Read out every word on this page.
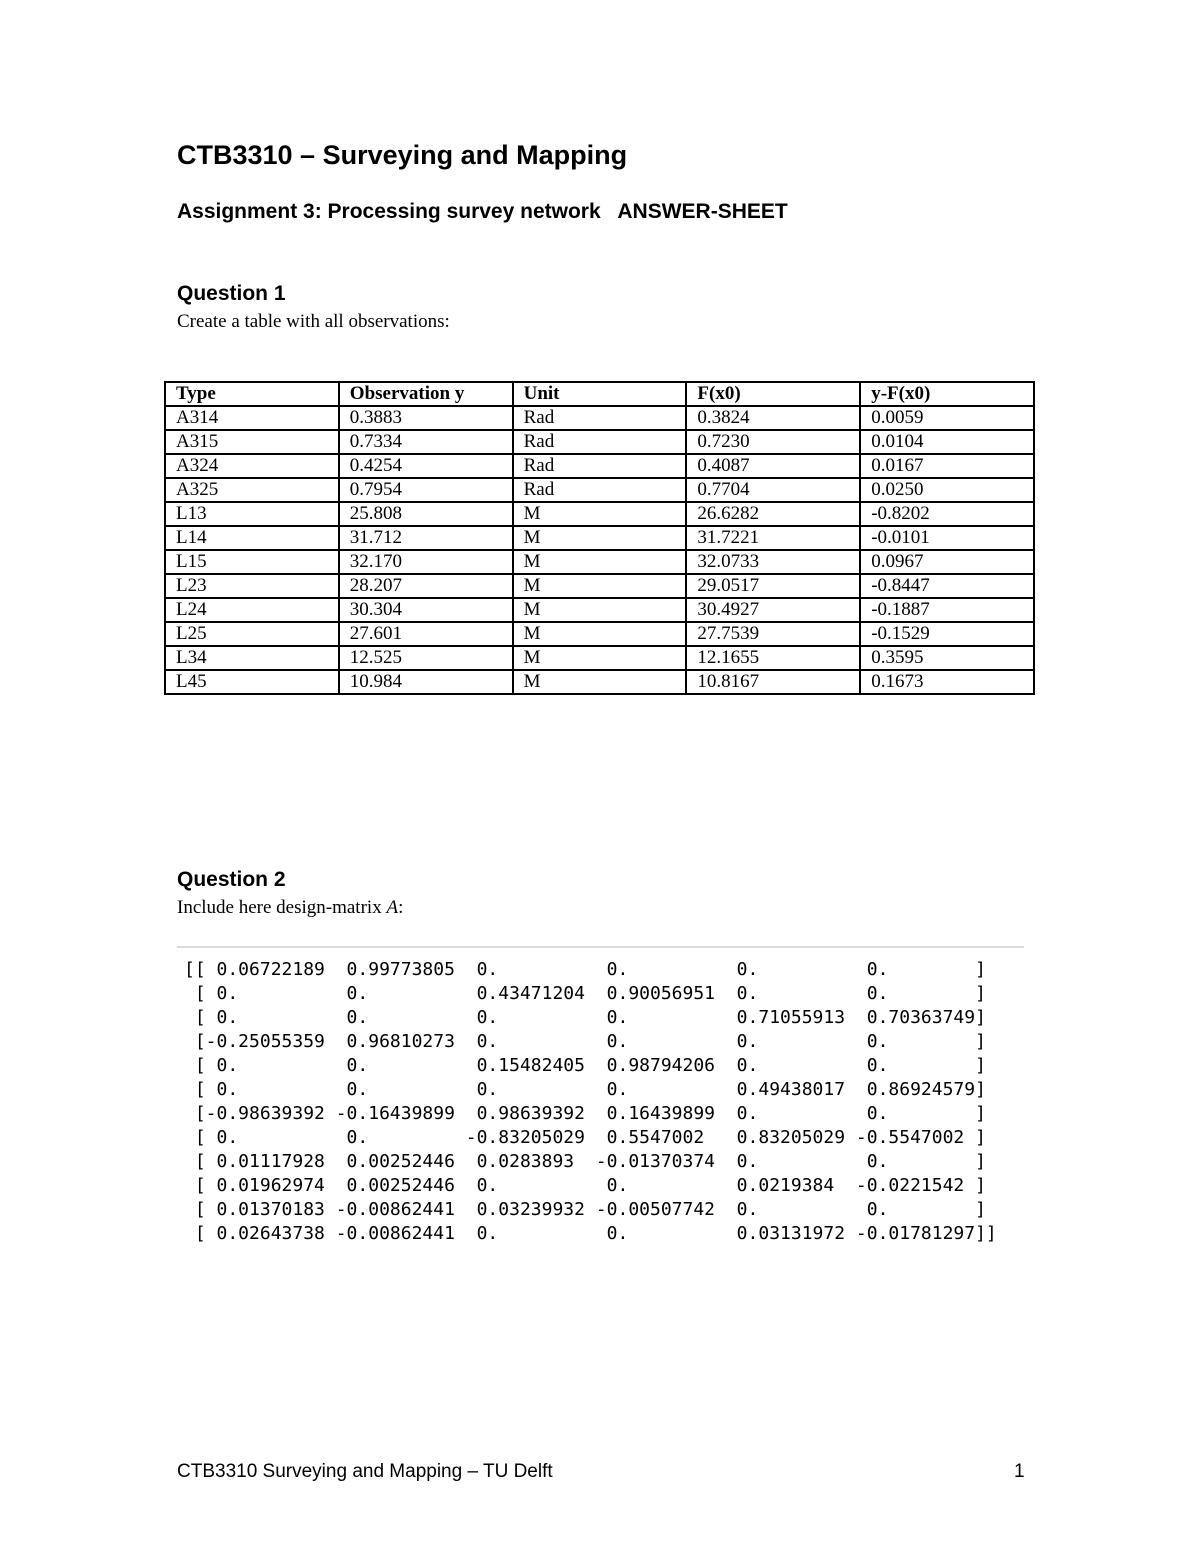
CTB3310 – Surveying and Mapping
Assignment 3: Processing survey network   ANSWER-SHEET
Question 1

Create a table with all observations:

Type	Observation y	Unit	F(x0)	y-F(x0)
A314	0.3883	Rad	0.3824	0.0059
A315	0.7334	Rad	0.7230	0.0104
A324	0.4254	Rad	0.4087	0.0167
A325	0.7954	Rad	0.7704	0.0250
L13	25.808	M	26.6282	-0.8202
L14	31.712	M	31.7221	-0.0101
L15	32.170	M	32.0733	0.0967
L23	28.207	M	29.0517	-0.8447
L24	30.304	M	30.4927	-0.1887
L25	27.601	M	27.7539	-0.1529
L34	12.525	M	12.1655	0.3595
L45	10.984	M	10.8167	0.1673
Question 2

Include here design-matrix A:

[[ 0.06722189  0.99773805  0.          0.          0.          0.        ]
[ 0.          0.          0.43471204  0.90056951  0.          0.        ]
[ 0.          0.          0.          0.          0.71055913  0.70363749]
[-0.25055359  0.96810273  0.          0.          0.          0.        ]
[ 0.          0.          0.15482405  0.98794206  0.          0.        ]
[ 0.          0.          0.          0.          0.49438017  0.86924579]
[-0.98639392 -0.16439899  0.98639392  0.16439899  0.          0.        ]
[ 0.          0.         -0.83205029  0.5547002   0.83205029 -0.5547002 ]
[ 0.01117928  0.00252446  0.0283893  -0.01370374  0.          0.        ]
[ 0.01962974  0.00252446  0.          0.          0.0219384  -0.0221542 ]
[ 0.01370183 -0.00862441  0.03239932 -0.00507742  0.          0.        ]
[ 0.02643738 -0.00862441  0.          0.          0.03131972 -0.01781297]]
CTB3310 Surveying and Mapping – TU Delft	1
